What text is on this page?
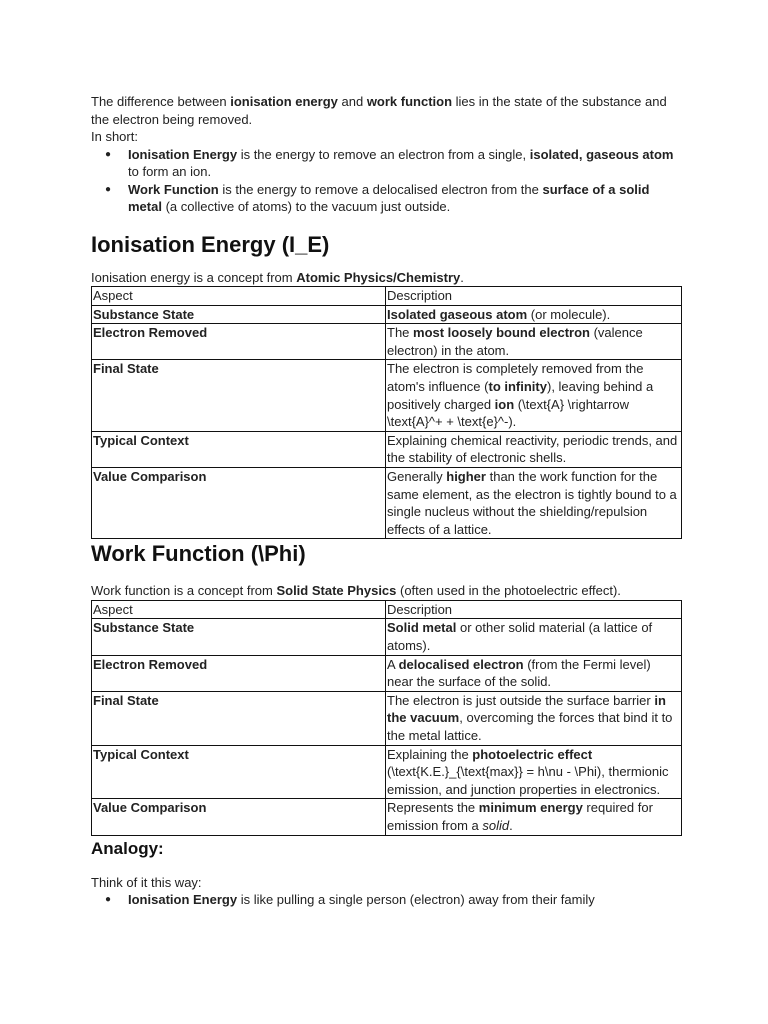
The difference between ionisation energy and work function lies in the state of the substance and the electron being removed.

In short:

● Ionisation Energy is the energy to remove an electron from a single, isolated, gaseous atom to form an ion.
● Work Function is the energy to remove a delocalised electron from the surface of a solid metal (a collective of atoms) to the vacuum just outside.
Ionisation Energy (I_E)

Ionisation energy is a concept from Atomic Physics/Chemistry.

Aspect	Description
Substance State	Isolated gaseous atom (or molecule).
Electron Removed	The most loosely bound electron (valence electron) in the atom.
Final State	The electron is completely removed from the atom's influence (to infinity), leaving behind a positively charged ion (\text{A} \rightarrow \text{A}^+ + \text{e}^-).
Typical Context	Explaining chemical reactivity, periodic trends, and the stability of electronic shells.
Value Comparison	Generally higher than the work function for the same element, as the electron is tightly bound to a single nucleus without the shielding/repulsion effects of a lattice.
Work Function (\Phi)

Work function is a concept from Solid State Physics (often used in the photoelectric effect).

Aspect	Description
Substance State	Solid metal or other solid material (a lattice of atoms).
Electron Removed	A delocalised electron (from the Fermi level) near the surface of the solid.
Final State	The electron is just outside the surface barrier in the vacuum, overcoming the forces that bind it to the metal lattice.
Typical Context	Explaining the photoelectric effect (\text{K.E.}_{\text{max}} = h\nu - \Phi), thermionic emission, and junction properties in electronics.
Value Comparison	Represents the minimum energy required for emission from a solid.
Analogy:

Think of it this way:

● Ionisation Energy is like pulling a single person (electron) away from their family
